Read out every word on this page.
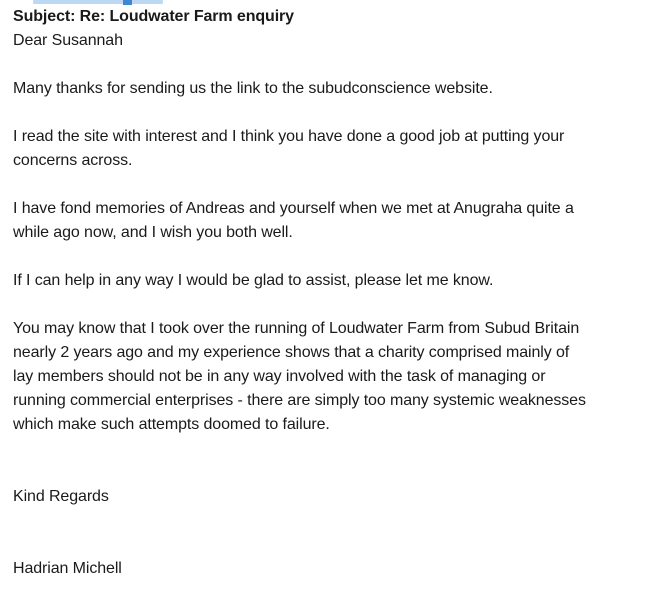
Subject: Re: Loudwater Farm enquiry
Dear Susannah
Many thanks for sending us the link to the subudconscience website.
I read the site with interest and I think you have done a good job at putting your
concerns across.
I have fond memories of Andreas and yourself when we met at Anugraha quite a
while ago now, and I wish you both well.
If I can help in any way I would be glad to assist, please let me know.
You may know that I took over the running of Loudwater Farm from Subud Britain
nearly 2 years ago and my experience shows that a charity comprised mainly of
lay members should not be in any way involved with the task of managing or
running commercial enterprises - there are simply too many systemic weaknesses
which make such attempts doomed to failure.
Kind Regards
Hadrian Michell
